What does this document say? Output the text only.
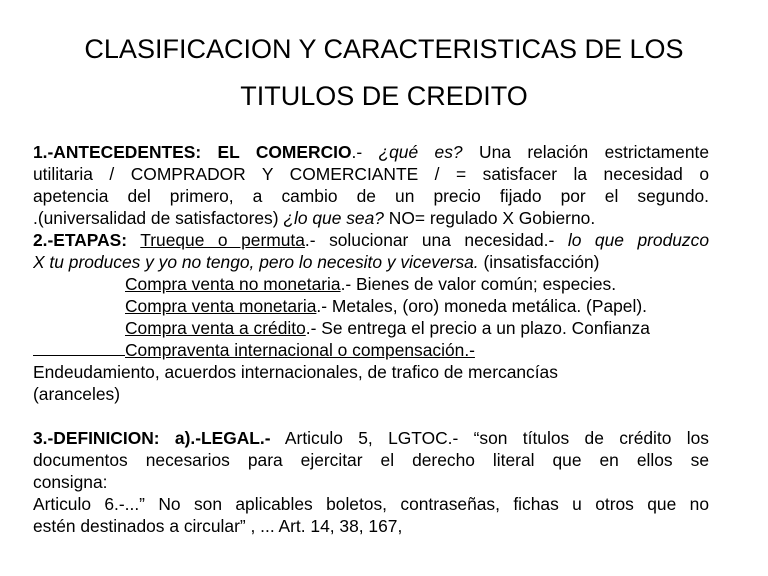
CLASIFICACION Y CARACTERISTICAS DE LOS
TITULOS DE CREDITO
1.-ANTECEDENTES: EL COMERCIO.- ¿qué es? Una relación estrictamente
utilitaria / COMPRADOR Y COMERCIANTE / = satisfacer la necesidad o
apetencia del primero, a cambio de un precio fijado por el segundo.
.(universalidad de satisfactores) ¿lo que sea? NO= regulado X Gobierno.
2.-ETAPAS: Trueque o permuta.- solucionar una necesidad.- lo que produzco
X tu produces y yo no tengo, pero lo necesito y viceversa. (insatisfacción)
Compra venta no monetaria.- Bienes de valor común; especies.
Compra venta monetaria.- Metales, (oro) moneda metálica. (Papel).
Compra venta a crédito.- Se entrega el precio a un plazo. Confianza
Compraventa internacional o compensación.-
Endeudamiento, acuerdos internacionales, de trafico de mercancías
(aranceles)
3.-DEFINICION: a).-LEGAL.- Articulo 5, LGTOC.- “son títulos de crédito los
documentos necesarios para ejercitar el derecho literal que en ellos se
consigna:
Articulo 6.-...” No son aplicables boletos, contraseñas, fichas u otros que no
estén destinados a circular” , ... Art. 14, 38, 167,
